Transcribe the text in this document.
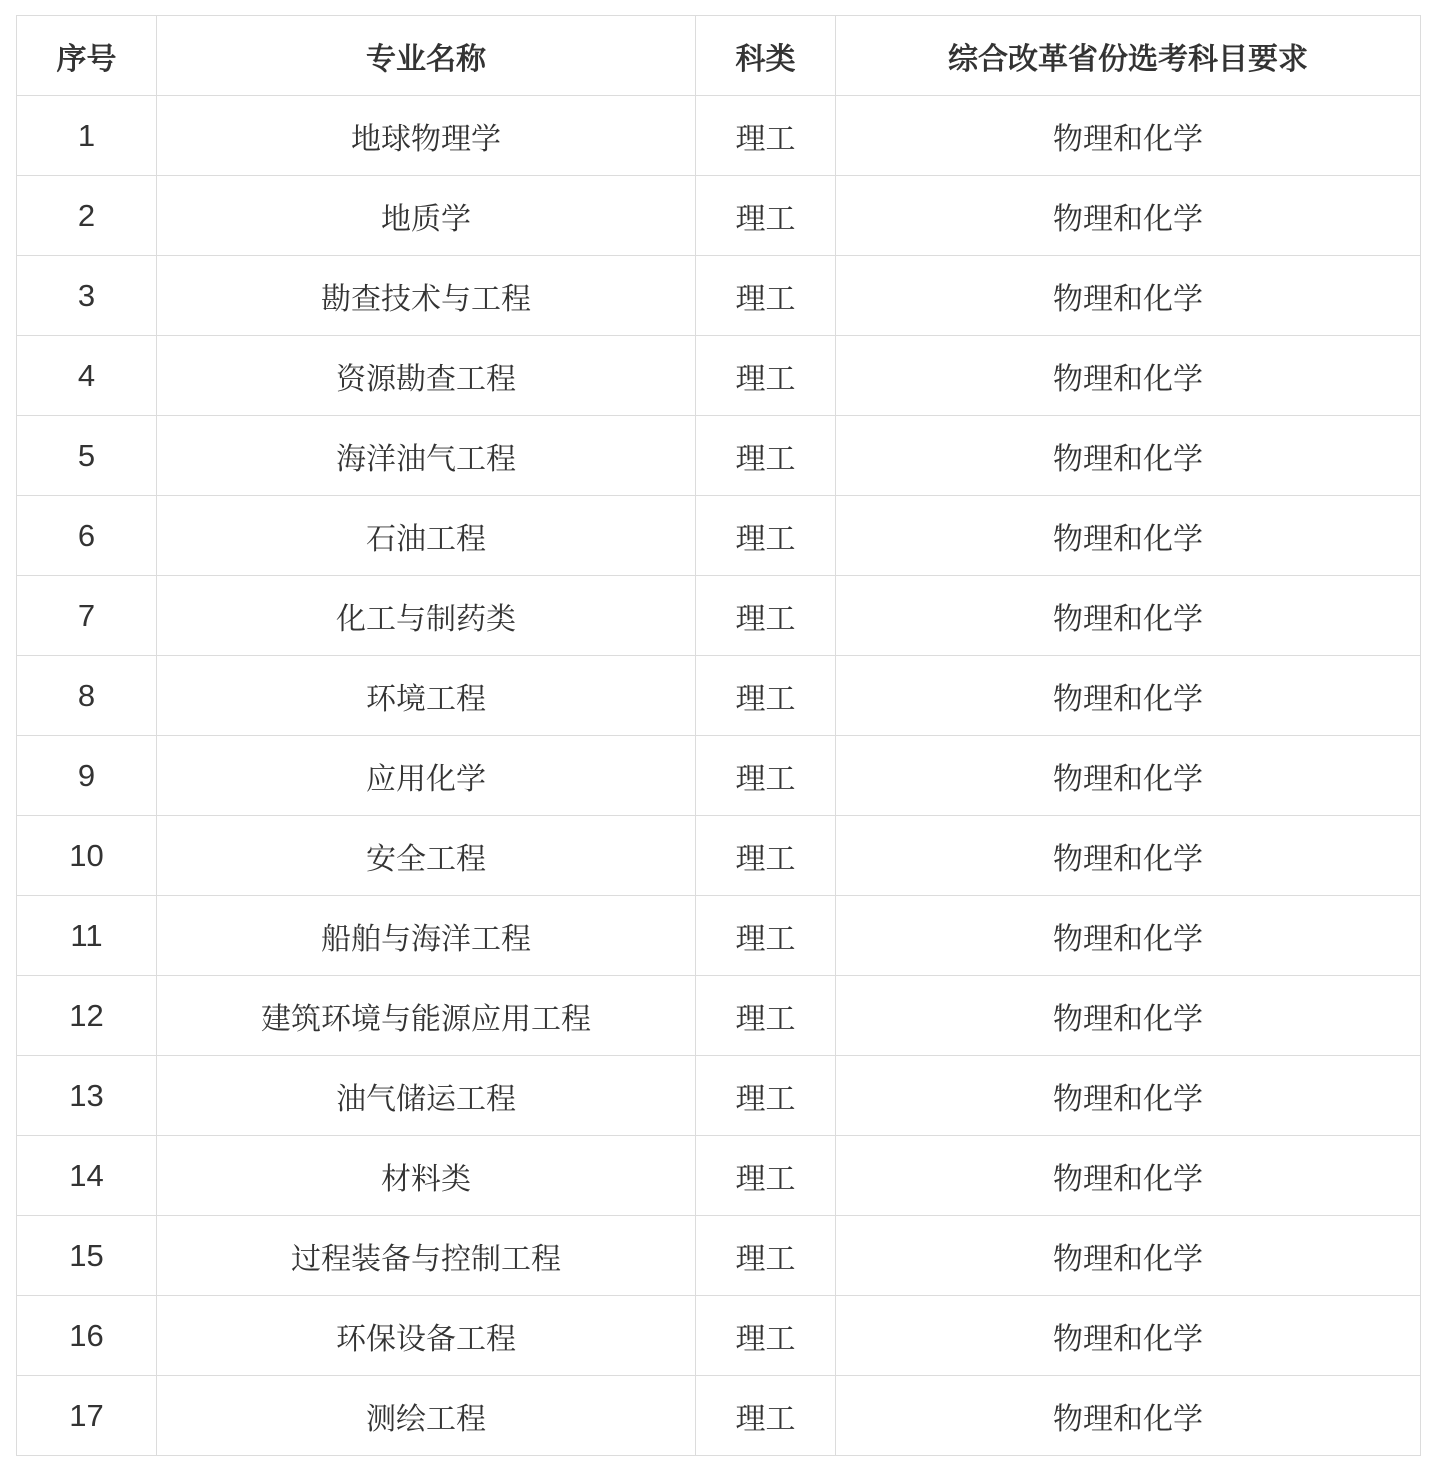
序号	专业名称	科类	综合改革省份选考科目要求
1	地球物理学	理工	物理和化学
2	地质学	理工	物理和化学
3	勘查技术与工程	理工	物理和化学
4	资源勘查工程	理工	物理和化学
5	海洋油气工程	理工	物理和化学
6	石油工程	理工	物理和化学
7	化工与制药类	理工	物理和化学
8	环境工程	理工	物理和化学
9	应用化学	理工	物理和化学
10	安全工程	理工	物理和化学
11	船舶与海洋工程	理工	物理和化学
12	建筑环境与能源应用工程	理工	物理和化学
13	油气储运工程	理工	物理和化学
14	材料类	理工	物理和化学
15	过程装备与控制工程	理工	物理和化学
16	环保设备工程	理工	物理和化学
17	测绘工程	理工	物理和化学
